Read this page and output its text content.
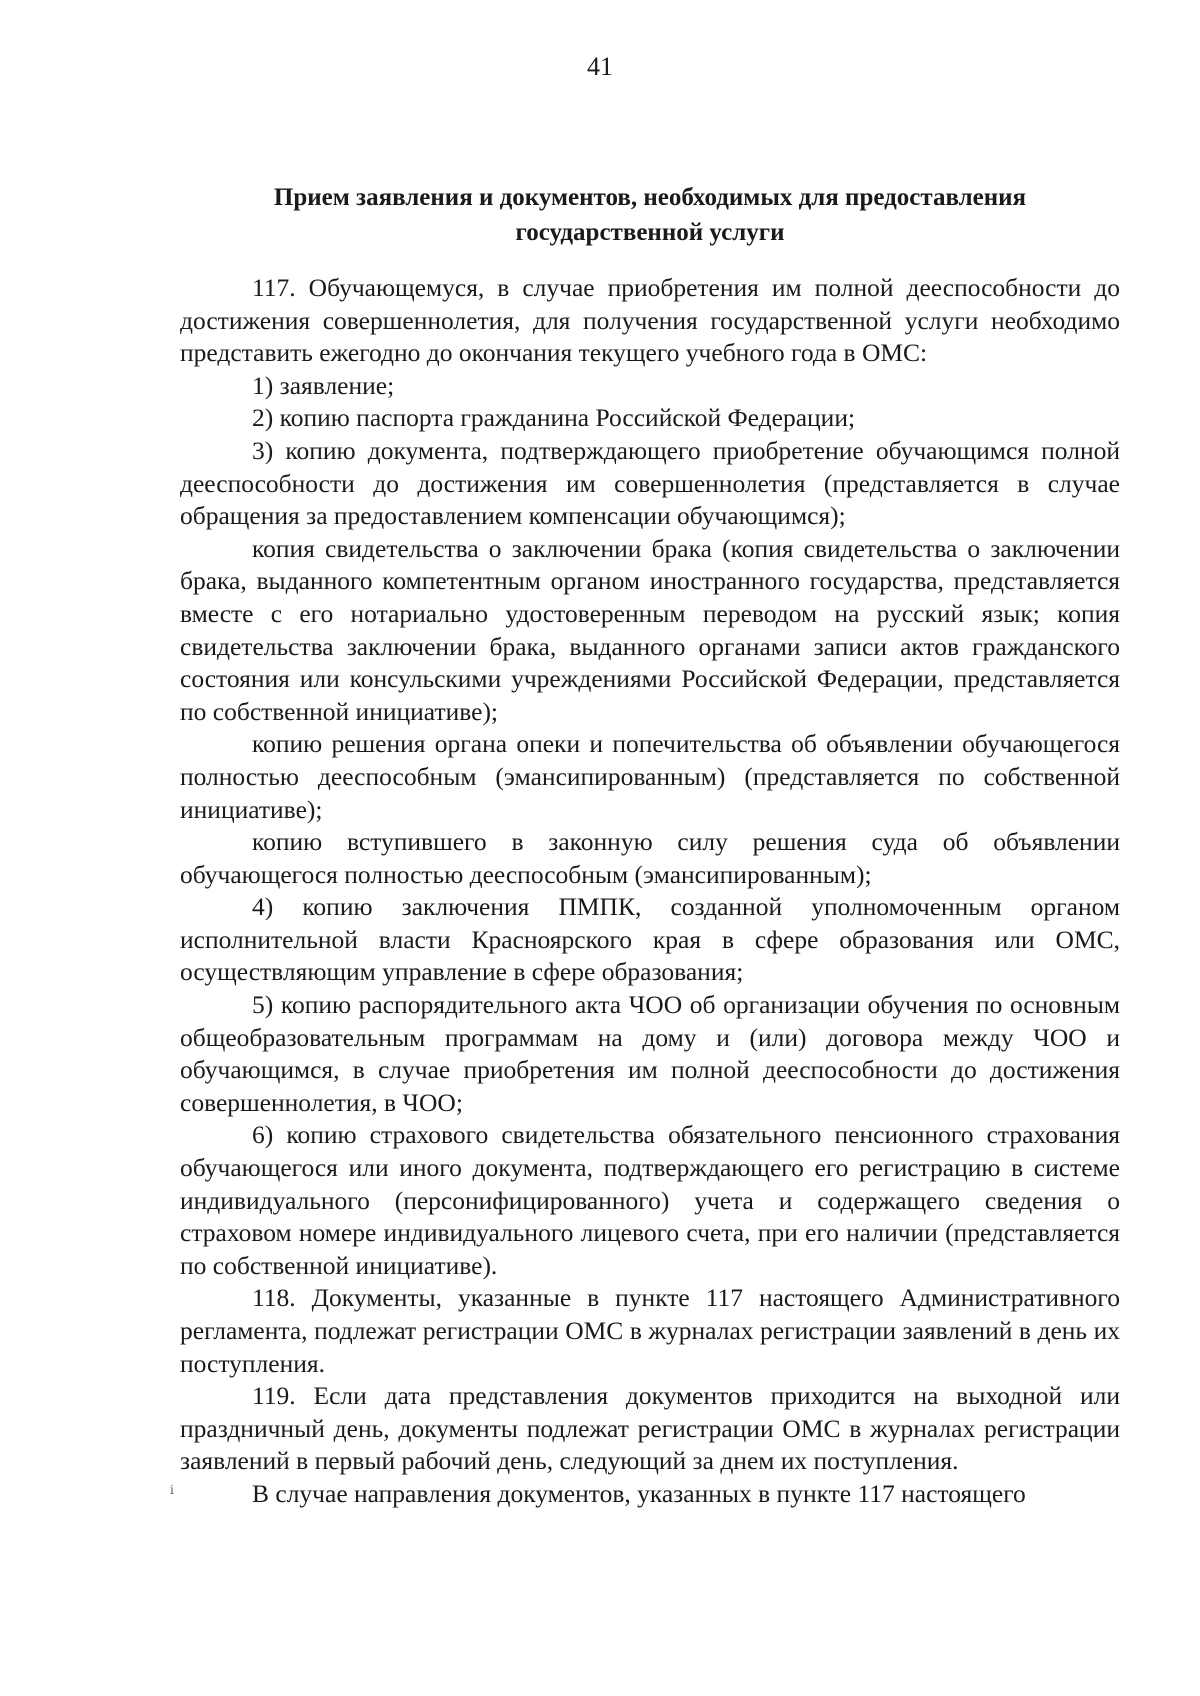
41
Прием заявления и документов, необходимых для предоставления
государственной услуги

117. Обучающемуся, в случае приобретения им полной дееспособности до достижения совершеннолетия, для получения государственной услуги необходимо представить ежегодно до окончания текущего учебного года в ОМС:

1) заявление;

2) копию паспорта гражданина Российской Федерации;

3) копию документа, подтверждающего приобретение обучающимся полной дееспособности до достижения им совершеннолетия (представляется в случае обращения за предоставлением компенсации обучающимся);

копия свидетельства о заключении брака (копия свидетельства о заключении брака, выданного компетентным органом иностранного государства, представляется вместе с его нотариально удостоверенным переводом на русский язык; копия свидетельства заключении брака, выданного органами записи актов гражданского состояния или консульскими учреждениями Российской Федерации, представляется по собственной инициативе);

копию решения органа опеки и попечительства об объявлении обучающегося полностью дееспособным (эмансипированным) (представляется по собственной инициативе);

копию вступившего в законную силу решения суда об объявлении обучающегося полностью дееспособным (эмансипированным);

4) копию заключения ПМПК, созданной уполномоченным органом исполнительной власти Красноярского края в сфере образования или ОМС, осуществляющим управление в сфере образования;

5) копию распорядительного акта ЧОО об организации обучения по основным общеобразовательным программам на дому и (или) договора между ЧОО и обучающимся, в случае приобретения им полной дееспособности до достижения совершеннолетия, в ЧОО;

6) копию страхового свидетельства обязательного пенсионного страхования обучающегося или иного документа, подтверждающего его регистрацию в системе индивидуального (персонифицированного) учета и содержащего сведения о страховом номере индивидуального лицевого счета, при его наличии (представляется по собственной инициативе).

118. Документы, указанные в пункте 117 настоящего Административного регламента, подлежат регистрации ОМС в журналах регистрации заявлений в день их поступления.

119. Если дата представления документов приходится на выходной или праздничный день, документы подлежат регистрации ОМС в журналах регистрации заявлений в первый рабочий день, следующий за днем их поступления.

В случае направления документов, указанных в пункте 117 настоящего

ⅰ
